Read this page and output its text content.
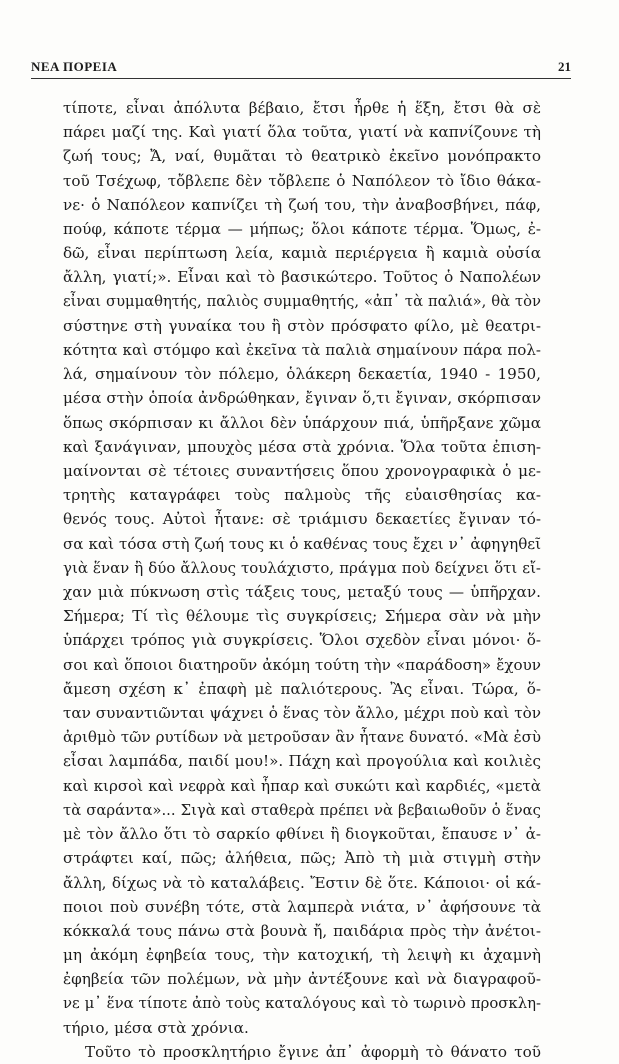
ΝΕΑ ΠΟΡΕΙΑ	21
τίποτε, εἶναι ἀπόλυτα βέβαιο, ἔτσι ἦρθε ἡ ἕξη, ἔτσι θὰ σὲ
πάρει μαζί της. Καὶ γιατί ὅλα τοῦτα, γιατί νὰ καπνίζουνε τὴ
ζωή τους; Ἄ, ναί, θυμᾶται τὸ θεατρικὸ ἐκεῖνο μονόπρακτο
τοῦ Τσέχωφ, τὄβλεπε δὲν τὄβλεπε ὁ Ναπόλεον τὸ ἴδιο θάκα-
νε· ὁ Ναπόλεον καπνίζει τὴ ζωή του, τὴν ἀναβοσβήνει, πάφ,
πούφ, κάποτε τέρμα — μήπως; ὅλοι κάποτε τέρμα. Ὅμως, ἐ-
δῶ, εἶναι περίπτωση λεία, καμιὰ περιέργεια ἢ καμιὰ οὐσία
ἄλλη, γιατί;». Εἶναι καὶ τὸ βασικώτερο. Τοῦτος ὁ Ναπολέων
εἶναι συμμαθητής, παλιὸς συμμαθητής, «ἀπ᾿ τὰ παλιά», θὰ τὸν
σύστηνε στὴ γυναίκα του ἢ στὸν πρόσφατο φίλο, μὲ θεατρι-
κότητα καὶ στόμφο καὶ ἐκεῖνα τὰ παλιὰ σημαίνουν πάρα πολ-
λά, σημαίνουν τὸν πόλεμο, ὁλάκερη δεκαετία, 1940 - 1950,
μέσα στὴν ὁποία ἀνδρώθηκαν, ἔγιναν ὅ,τι ἔγιναν, σκόρπισαν
ὅπως σκόρπισαν κι ἄλλοι δὲν ὑπάρχουν πιά, ὑπῆρξανε χῶμα
καὶ ξανάγιναν, μπουχὸς μέσα στὰ χρόνια. Ὅλα τοῦτα ἐπιση-
μαίνονται σὲ τέτοιες συναντήσεις ὅπου χρονογραφικὰ ὁ με-
τρητὴς καταγράφει τοὺς παλμοὺς τῆς εὐαισθησίας κα-
θενός τους. Αὐτοὶ ἦτανε: σὲ τριάμισυ δεκαετίες ἔγιναν τό-
σα καὶ τόσα στὴ ζωή τους κι ὁ καθένας τους ἔχει ν᾿ ἀφηγηθεῖ
γιὰ ἕναν ἢ δύο ἄλλους τουλάχιστο, πράγμα ποὺ δείχνει ὅτι εἴ-
χαν μιὰ πύκνωση στὶς τάξεις τους, μεταξύ τους — ὑπῆρχαν.
Σήμερα; Τί τὶς θέλουμε τὶς συγκρίσεις; Σήμερα σὰν νὰ μὴν
ὑπάρχει τρόπος γιὰ συγκρίσεις. Ὅλοι σχεδὸν εἶναι μόνοι· ὅ-
σοι καὶ ὅποιοι διατηροῦν ἀκόμη τούτη τὴν «παράδοση» ἔχουν
ἄμεση σχέση κ᾿ ἐπαφὴ μὲ παλιότερους. Ἂς εἶναι. Τώρα, ὅ-
ταν συναντιῶνται ψάχνει ὁ ἕνας τὸν ἄλλο, μέχρι ποὺ καὶ τὸν
ἀριθμὸ τῶν ρυτίδων νὰ μετροῦσαν ἂν ἦτανε δυνατό. «Μὰ ἐσὺ
εἶσαι λαμπάδα, παιδί μου!». Πάχη καὶ προγούλια καὶ κοιλιὲς
καὶ κιρσοὶ καὶ νεφρὰ καὶ ἧπαρ καὶ συκώτι καὶ καρδιές, «μετὰ
τὰ σαράντα»... Σιγὰ καὶ σταθερὰ πρέπει νὰ βεβαιωθοῦν ὁ ἕνας
μὲ τὸν ἄλλο ὅτι τὸ σαρκίο φθίνει ἢ διογκοῦται, ἔπαυσε ν᾿ ἀ-
στράφτει καί, πῶς; ἀλήθεια, πῶς; Ἀπὸ τὴ μιὰ στιγμὴ στὴν
ἄλλη, δίχως νὰ τὸ καταλάβεις. Ἔστιν δὲ ὅτε. Κάποιοι· οἱ κά-
ποιοι ποὺ συνέβη τότε, στὰ λαμπερὰ νιάτα, ν᾿ ἀφήσουνε τὰ
κόκκαλά τους πάνω στὰ βουνὰ ἤ, παιδάρια πρὸς τὴν ἀνέτοι-
μη ἀκόμη ἐφηβεία τους, τὴν κατοχική, τὴ λειψὴ κι ἀχαμνὴ
ἐφηβεία τῶν πολέμων, νὰ μὴν ἀντέξουνε καὶ νὰ διαγραφοῦ-
νε μ᾿ ἕνα τίποτε ἀπὸ τοὺς καταλόγους καὶ τὸ τωρινὸ προσκλη-
τήριο, μέσα στὰ χρόνια.
Τοῦτο τὸ προσκλητήριο ἔγινε ἀπ᾿ ἀφορμὴ τὸ θάνατο τοῦ
